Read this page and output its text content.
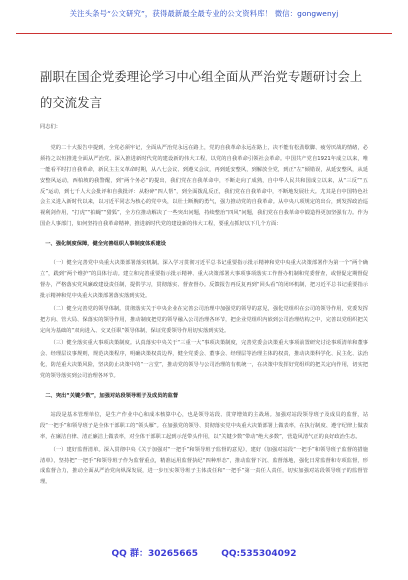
关注头条号“公文研究”，获得最新最全最专业的公文资料库！ 微信：gongwenyj
副职在国企党委理论学习中心组全面从严治党专题研讨会上的交流发言

同志们：

党的二十大报告中提到，全党必须牢记，全面从严治党永远在路上，党的自我革命永远在路上，决不能有松劲歇脚、疲劳厌战的情绪，必须持之以恒推进全面从严治党。深入推进新时代党的建设新的伟大工程，以党的自我革命引领社会革命。中国共产党自1921年成立以来，唯一能看平时打自我革命，新民主主义革命时期，从八七会议、到遵义会议，再到延安整风，到解放全党，到正“左”倾错误，从延安整风，从延安整风运动，西柏坡的我警醒，到“两个务必”的提出，我们党在自我革命中，不断走向了成熟，自中华人民共和国成立以来，从“三反”“五反”运动，到七千人大会批评和自我批评：从粉碎“四人帮”，到全面拨乱反正，我们党在自我革命中，不断地发展壮大。尤其是自中国特色社会主义进入新时代以来，以习近平同志为核心的党中央，以壮士断腕的勇气，强力推动党的自我革命。从中央八项规定的出台，到发挥政治巡视利剑作用，“打虎”“拍蝇”“猎狐”，全方位推动解决了一些突出问题，持续整治“四风”问题，我们党在自我革命中锻造得更加坚强有力。作为国企人事部门，如何坚持自我革命精神，推进新时代党的建设新的伟大工程，要重点抓好以下几个方面：

一、强化制度保障，健全完善组织人事制度体系建设

（一）健全完善党中央重大决策部署落实机制。深入学习贯彻习近平总书记重要指示批示精神和党中央重大决策部署作为第一个“两个确立”，践到“两个维护”的具体行动。建立和完善重要指示批示精神、重大决策部署大事项事项落实工作督办机制和党委督查，或督促定期督促督办，严格落实党风廉政建设责任制，提供学习，贯彻落实、督查督办。反馈报告再反复再到“回头看”的闭环机制，把习近平总书记重要指示批示精神和党中央重大决策部署落实落到实处。

（二）健全完善党的领导体制。贯彻落实关于中央企业在完善公司治理中加强党的领导的意见，强化党组织在公司的领导作用，党委发挥把方向、管大局、保落实的领导作用，推动制度把党的领导融入公司治理各环节，把企业党组织内嵌到公司治理结构之中，完善以党组织把关定向为基础的“双向进入、交叉任职”领导体制，保证党委领导作用切实落到实处。

（三）健全落实重大事项决策制度。认真落实中央关于“三重一大”事项决策制度，完善党委会决策重大事项前置研究讨论事项清单和董事会、经理层议事规则，规范决策程序，明确决策权责边界，健全党委会、董事会、经理层等治理主体的权责，推动决策科学化、民主化、法治化，防范重大决策风险，坚决防止决策中的“一言堂”，推动党的领导与公司治理的有机统一，在决策中发挥好党组织的把关定向作用，切实把党的领导落实到公司治理各环节。

二、突出“关键少数”，加强对站段领导班子及成员的监督

站段是基本管理单位，是生产作业中心和成本核算中心，也是领导站段、贯穿增效的主战场。加强对站段领导班子及成员的监督，站段“一把手”和领导班子是全体干部职工的“领头雁”。在加强党的领导、贯彻落实党中央重大决策部署上做表率，在执行制度、遵守纪律上做表率，在廉洁自律、清正廉洁上做表率，对全体干部职工起到示范带头作用，以“关键少数”带动“绝大多数”，营造风清气正的良好政治生态。

（一）建好监督清单。深入贯彻中央《关于加强对“一把手”和领导班子监督的意见》，建好《加强对站段“一把手”和领导班子监督的措施清单》，坚持把“一把手”和领导班子作为监督重点，精准运用监督执纪“四种形态”，推动监督下沉、监督落地，强化日常监督和专项监督，形成监督合力，推动全面从严治党向纵深发展，进一步压实领导班子主体责任和“一把手”第一责任人责任，切实加强对站段领导班子的监督管理。

QQ 群：30265665	QQ:535304092
